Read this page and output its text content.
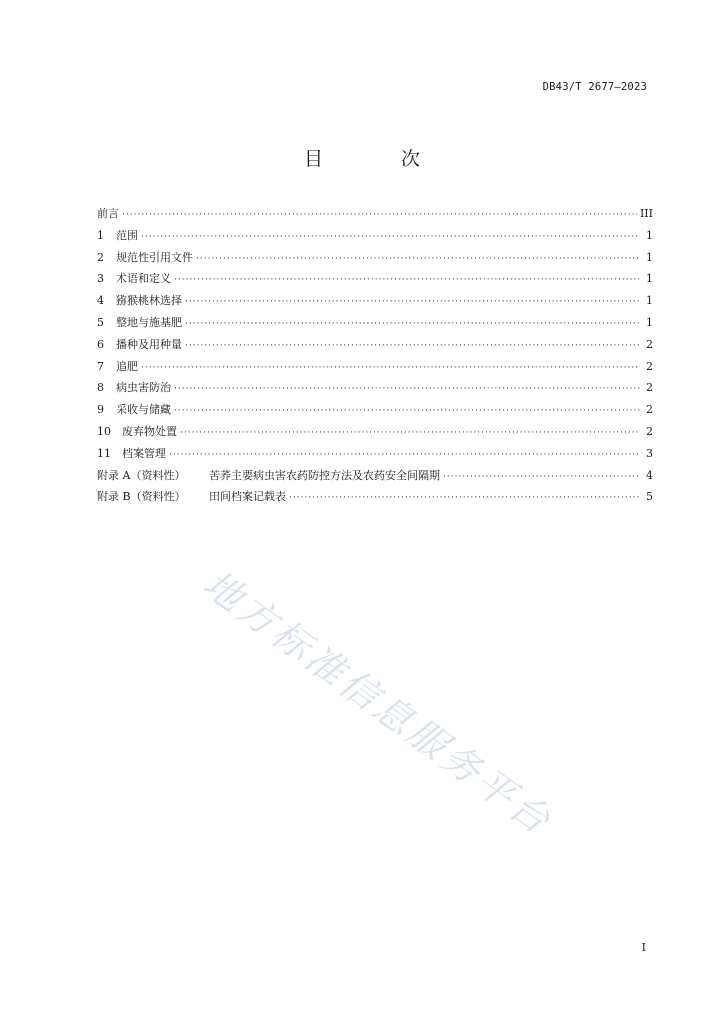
DB43/T 2677—2023
目 次
前言 ·····	III
1	范围 ·····	1
2	规范性引用文件 ·····	1
3	术语和定义 ·····	1
4	猕猴桃林选择 ·····	1
5	整地与施基肥 ·····	1
6	播种及用种量 ·····	2
7	追肥 ·····	2
8	病虫害防治 ·····	2
9	采收与储藏 ·····	2
10	废弃物处置 ·····	2
11	档案管理 ·····	3
附录 A（资料性）	苦荞主要病虫害农药防控方法及农药安全间隔期 ·····	4
附录 B（资料性）	田间档案记载表 ·····	5
地方标准信息服务平台
I
